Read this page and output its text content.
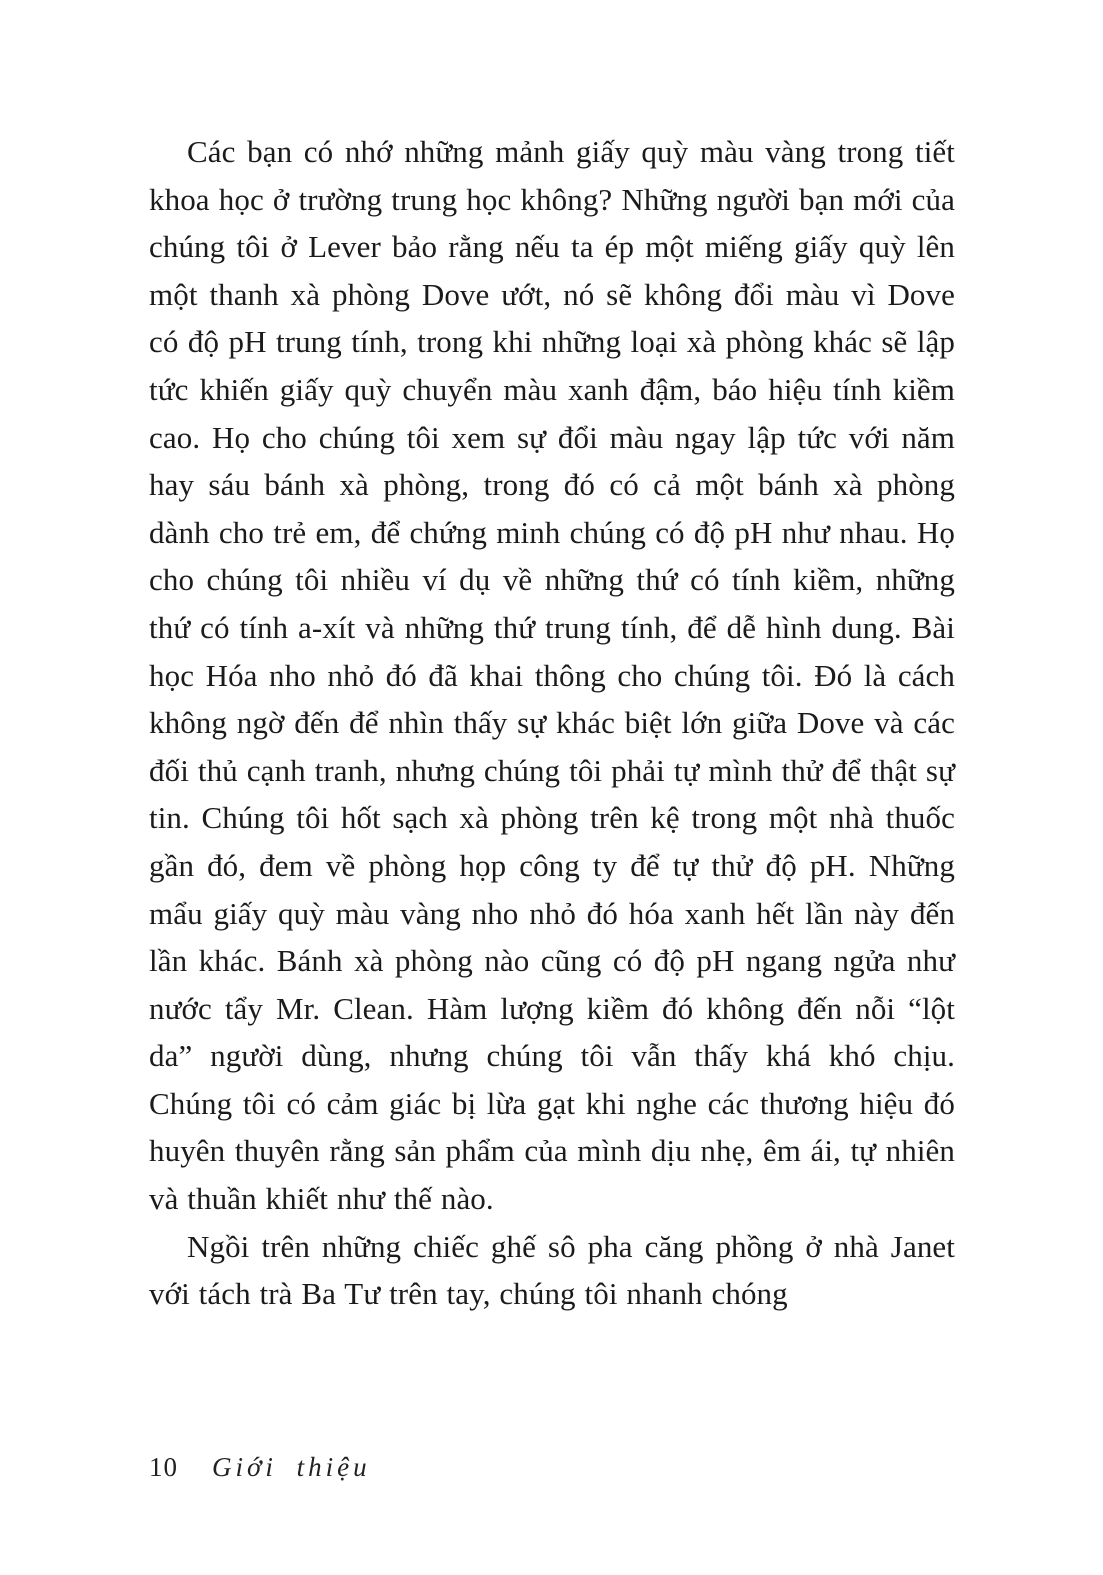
Các bạn có nhớ những mảnh giấy quỳ màu vàng trong tiết khoa học ở trường trung học không? Những người bạn mới của chúng tôi ở Lever bảo rằng nếu ta ép một miếng giấy quỳ lên một thanh xà phòng Dove ướt, nó sẽ không đổi màu vì Dove có độ pH trung tính, trong khi những loại xà phòng khác sẽ lập tức khiến giấy quỳ chuyển màu xanh đậm, báo hiệu tính kiềm cao. Họ cho chúng tôi xem sự đổi màu ngay lập tức với năm hay sáu bánh xà phòng, trong đó có cả một bánh xà phòng dành cho trẻ em, để chứng minh chúng có độ pH như nhau. Họ cho chúng tôi nhiều ví dụ về những thứ có tính kiềm, những thứ có tính a-xít và những thứ trung tính, để dễ hình dung. Bài học Hóa nho nhỏ đó đã khai thông cho chúng tôi. Đó là cách không ngờ đến để nhìn thấy sự khác biệt lớn giữa Dove và các đối thủ cạnh tranh, nhưng chúng tôi phải tự mình thử để thật sự tin. Chúng tôi hốt sạch xà phòng trên kệ trong một nhà thuốc gần đó, đem về phòng họp công ty để tự thử độ pH. Những mẩu giấy quỳ màu vàng nho nhỏ đó hóa xanh hết lần này đến lần khác. Bánh xà phòng nào cũng có độ pH ngang ngửa như nước tẩy Mr. Clean. Hàm lượng kiềm đó không đến nỗi “lột da” người dùng, nhưng chúng tôi vẫn thấy khá khó chịu. Chúng tôi có cảm giác bị lừa gạt khi nghe các thương hiệu đó huyên thuyên rằng sản phẩm của mình dịu nhẹ, êm ái, tự nhiên và thuần khiết như thế nào.

Ngồi trên những chiếc ghế sô pha căng phồng ở nhà Janet với tách trà Ba Tư trên tay, chúng tôi nhanh chóng

10 Giới thiệu
